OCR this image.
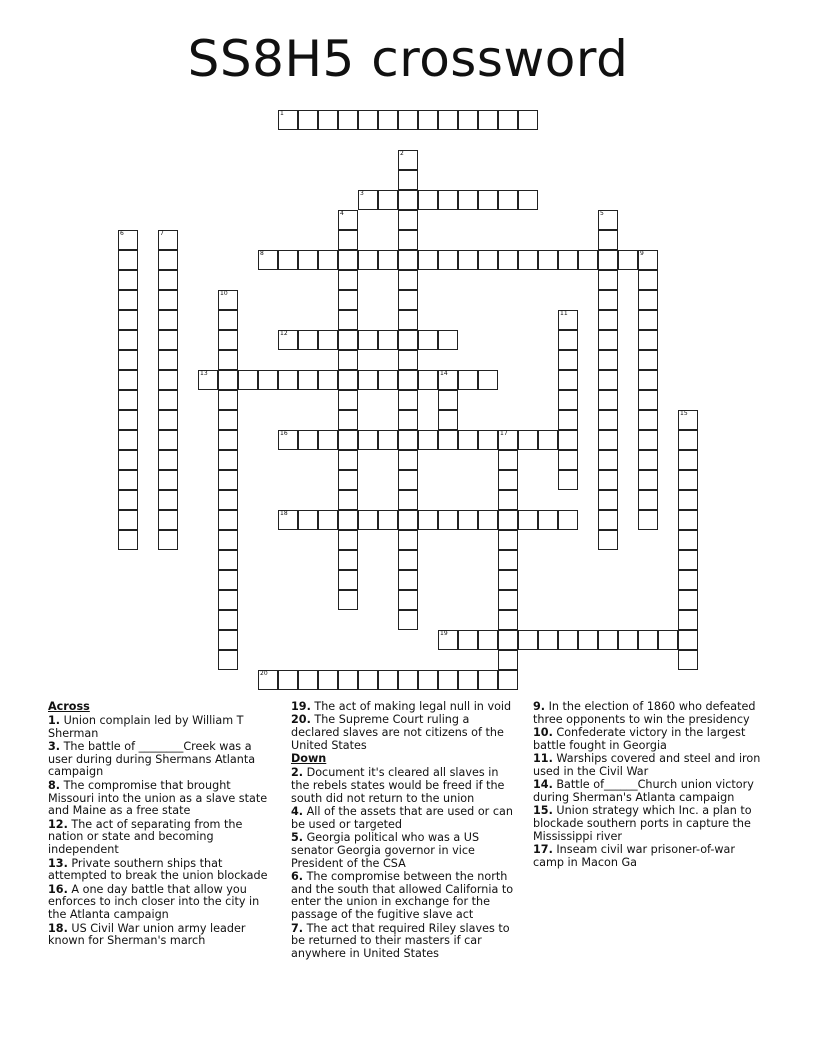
SS8H5 crossword
1
2
3
4	5
6	7
8	9
10
11
12
13	14
15
16	17
18
19
20
Across
1. Union complain led by William T Sherman
3. The battle of ________Creek was a user during during Shermans Atlanta campaign
8. The compromise that brought Missouri into the union as a slave state and Maine as a free state
12. The act of separating from the nation or state and becoming independent
13. Private southern ships that attempted to break the union blockade
16. A one day battle that allow you enforces to inch closer into the city in the Atlanta campaign
18. US Civil War union army leader known for Sherman's march
19. The act of making legal null in void
20. The Supreme Court ruling a declared slaves are not citizens of the United States
Down
2. Document it's cleared all slaves in the rebels states would be freed if the south did not return to the union
4. All of the assets that are used or can be used or targeted
5. Georgia political who was a US senator Georgia governor in vice President of the CSA
6. The compromise between the north and the south that allowed California to enter the union in exchange for the passage of the fugitive slave act
7. The act that required Riley slaves to be returned to their masters if car anywhere in United States
9. In the election of 1860 who defeated three opponents to win the presidency
10. Confederate victory in the largest battle fought in Georgia
11. Warships covered and steel and iron used in the Civil War
14. Battle of______Church union victory during Sherman's Atlanta campaign
15. Union strategy which Inc. a plan to blockade southern ports in capture the Mississippi river
17. Inseam civil war prisoner-of-war camp in Macon Ga
